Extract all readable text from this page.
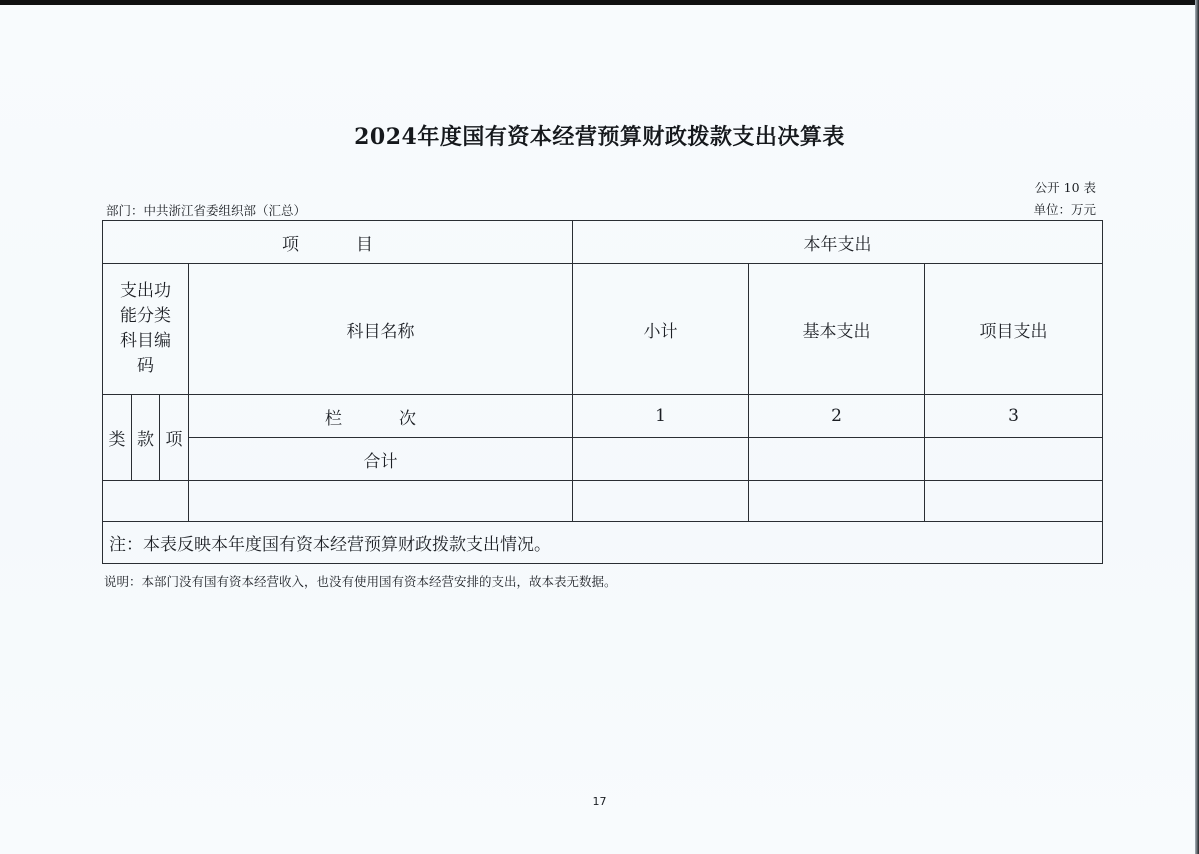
2024年度国有资本经营预算财政拨款支出决算表
公开 10 表
单位：万元
部门：中共浙江省委组织部（汇总）
项　目				本年支出		

支出功
能分类
科目编
码			科目名称	小计	基本支出	项目支出
类	款	项	栏　次	1	2	3
			合计			

注：本表反映本年度国有资本经营预算财政拨款支出情况。						
说明：本部门没有国有资本经营收入，也没有使用国有资本经营安排的支出，故本表无数据。
17
